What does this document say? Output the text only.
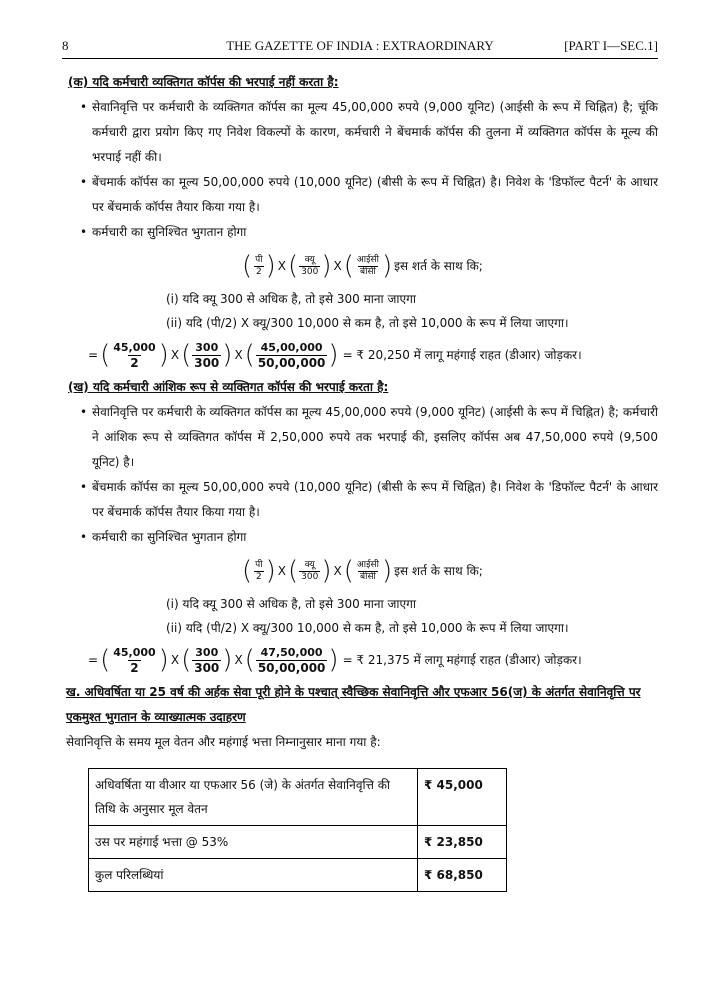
8	THE GAZETTE OF INDIA : EXTRAORDINARY	[PART I—SEC.1]

(क) यदि कर्मचारी व्यक्तिगत कॉर्पस की भरपाई नहीं करता है:

• सेवानिवृत्ति पर कर्मचारी के व्यक्तिगत कॉर्पस का मूल्य 45,00,000 रुपये (9,000 यूनिट) (आईसी के रूप में चिह्नित) है; चूंकि कर्मचारी द्वारा प्रयोग किए गए निवेश विकल्पों के कारण, कर्मचारी ने बेंचमार्क कॉर्पस की तुलना में व्यक्तिगत कॉर्पस के मूल्य की भरपाई नहीं की।

• बेंचमार्क कॉर्पस का मूल्य 50,00,000 रुपये (10,000 यूनिट) (बीसी के रूप में चिह्नित) है। निवेश के 'डिफॉल्ट पैटर्न' के आधार पर बेंचमार्क कॉर्पस तैयार किया गया है।

• कर्मचारी का सुनिश्चित भुगतान होगा

( $\frac{\text{पी}}{2}$ ) X ( $\frac{\text{क्यू}}{300}$ ) X ( $\frac{\text{आईसी}}{\text{बीसी}}$ ) इस शर्त के साथ कि;

(i) यदि क्यू 300 से अधिक है, तो इसे 300 माना जाएगा

(ii) यदि (पी/2) X क्यू/300 10,000 से कम है, तो इसे 10,000 के रूप में लिया जाएगा।

= ( $\frac{45,000}{2}$ ) X ( $\frac{300}{300}$ ) X ( $\frac{45,00,000}{50,00,000}$ ) = ₹ 20,250 में लागू महंगाई राहत (डीआर) जोड़कर।

(ख) यदि कर्मचारी आंशिक रूप से व्यक्तिगत कॉर्पस की भरपाई करता है:

• सेवानिवृत्ति पर कर्मचारी के व्यक्तिगत कॉर्पस का मूल्य 45,00,000 रुपये (9,000 यूनिट) (आईसी के रूप में चिह्नित) है; कर्मचारी ने आंशिक रूप से व्यक्तिगत कॉर्पस में 2,50,000 रुपये तक भरपाई की, इसलिए कॉर्पस अब 47,50,000 रुपये (9,500 यूनिट) है।

• बेंचमार्क कॉर्पस का मूल्य 50,00,000 रुपये (10,000 यूनिट) (बीसी के रूप में चिह्नित) है। निवेश के 'डिफॉल्ट पैटर्न' के आधार पर बेंचमार्क कॉर्पस तैयार किया गया है।

• कर्मचारी का सुनिश्चित भुगतान होगा

( $\frac{\text{पी}}{2}$ ) X ( $\frac{\text{क्यू}}{300}$ ) X ( $\frac{\text{आईसी}}{\text{बीसी}}$ ) इस शर्त के साथ कि;

(i) यदि क्यू 300 से अधिक है, तो इसे 300 माना जाएगा

(ii) यदि (पी/2) X क्यू/300 10,000 से कम है, तो इसे 10,000 के रूप में लिया जाएगा।

= ( $\frac{45,000}{2}$ ) X ( $\frac{300}{300}$ ) X ( $\frac{47,50,000}{50,00,000}$ ) = ₹ 21,375 में लागू महंगाई राहत (डीआर) जोड़कर।

ख. अधिवर्षिता या 25 वर्ष की अर्हक सेवा पूरी होने के पश्चात् स्वैच्छिक सेवानिवृत्ति और एफआर 56(ज) के अंतर्गत सेवानिवृत्ति पर एकमुश्त भुगतान के व्याख्यात्मक उदाहरण

सेवानिवृत्ति के समय मूल वेतन और महंगाई भत्ता निम्नानुसार माना गया है:

अधिवर्षिता या वीआर या एफआर 56 (जे) के अंतर्गत सेवानिवृत्ति की तिथि के अनुसार मूल वेतन	₹ 45,000
उस पर महंगाई भत्ता @ 53%	₹ 23,850
कुल परिलब्धियां	₹ 68,850
